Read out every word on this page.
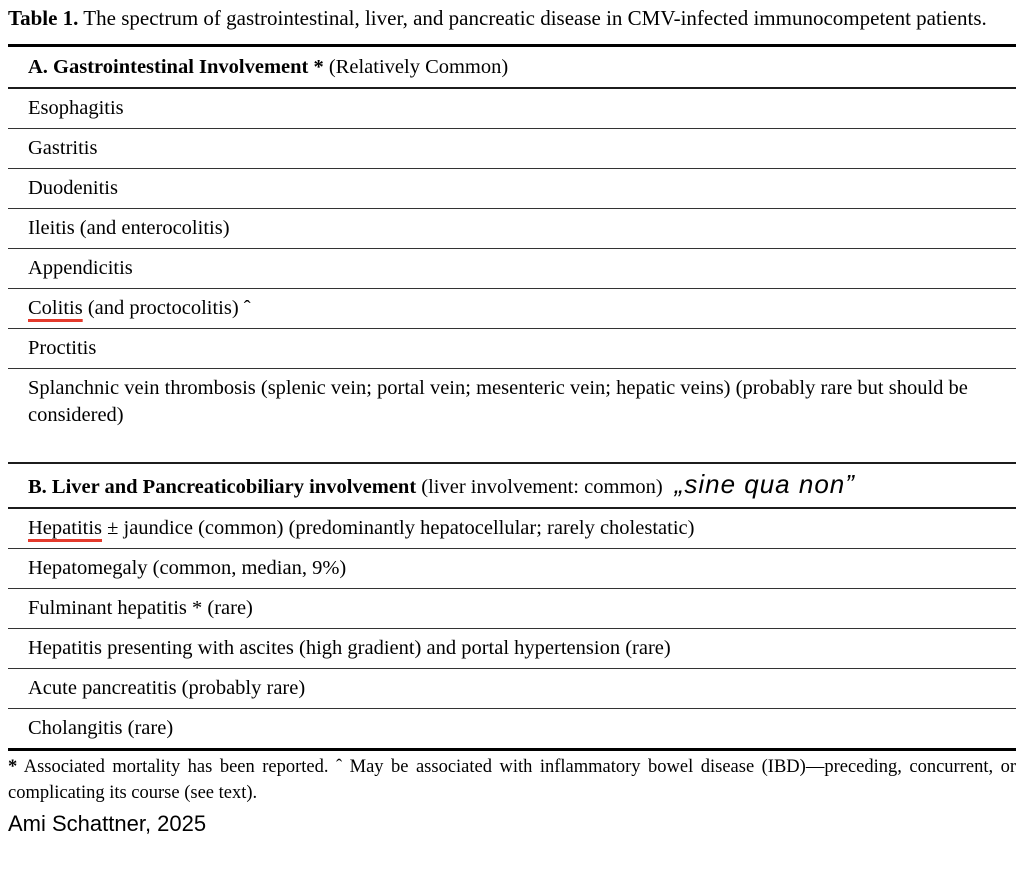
Table 1. The spectrum of gastrointestinal, liver, and pancreatic disease in CMV-infected immunocompetent patients.

A. Gastrointestinal Involvement * (Relatively Common)
Esophagitis
Gastritis
Duodenitis
Ileitis (and enterocolitis)
Appendicitis
Colitis (and proctocolitis) ˆ
Proctitis
Splanchnic vein thrombosis (splenic vein; portal vein; mesenteric vein; hepatic veins) (probably rare but should be considered)
B. Liver and Pancreaticobiliary involvement (liver involvement: common) „sine qua non”
Hepatitis ± jaundice (common) (predominantly hepatocellular; rarely cholestatic)
Hepatomegaly (common, median, 9%)
Fulminant hepatitis * (rare)
Hepatitis presenting with ascites (high gradient) and portal hypertension (rare)
Acute pancreatitis (probably rare)
Cholangitis (rare)

* Associated mortality has been reported. ˆ May be associated with inflammatory bowel disease (IBD)—preceding, concurrent, or complicating its course (see text).

Ami Schattner, 2025
